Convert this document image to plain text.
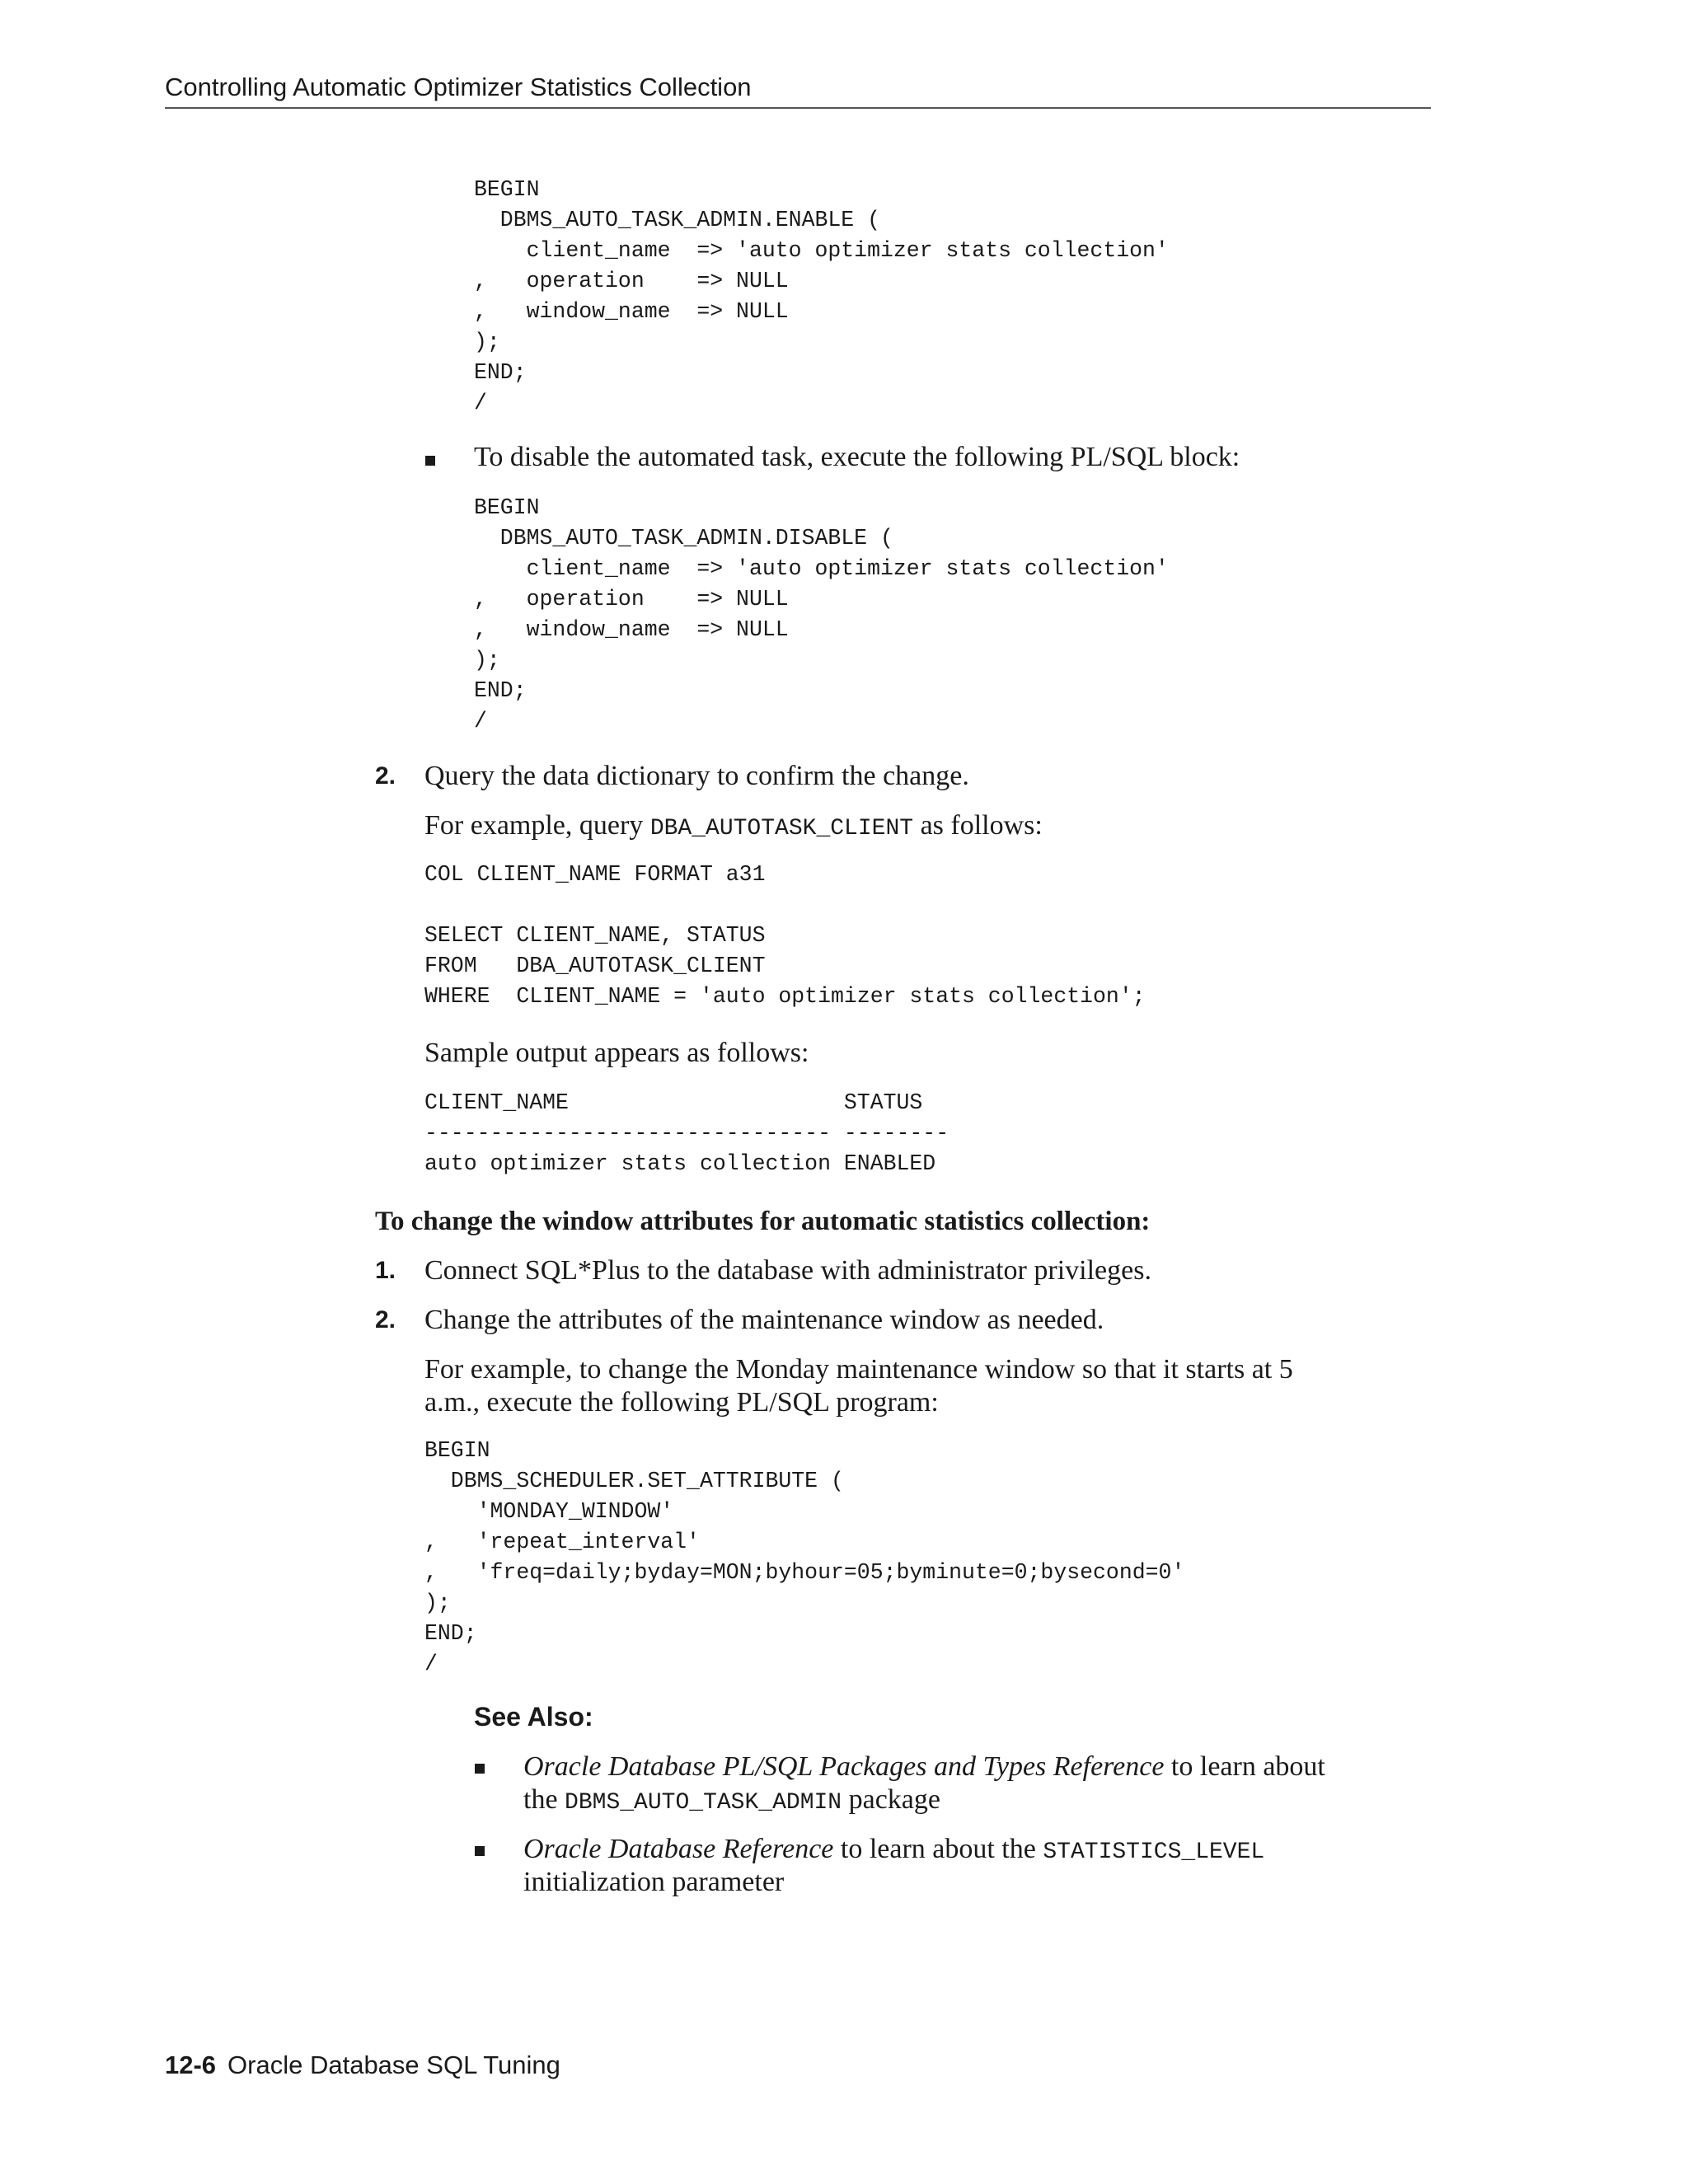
Controlling Automatic Optimizer Statistics Collection
BEGIN
DBMS_AUTO_TASK_ADMIN.ENABLE (
client_name  => 'auto optimizer stats collection'
,   operation    => NULL
,   window_name  => NULL
);
END;
/

To disable the automated task, execute the following PL/SQL block:

BEGIN
DBMS_AUTO_TASK_ADMIN.DISABLE (
client_name  => 'auto optimizer stats collection'
,   operation    => NULL
,   window_name  => NULL
);
END;
/
2. Query the data dictionary to confirm the change.

For example, query DBA_AUTOTASK_CLIENT as follows:

COL CLIENT_NAME FORMAT a31

SELECT CLIENT_NAME, STATUS
FROM   DBA_AUTOTASK_CLIENT
WHERE  CLIENT_NAME = 'auto optimizer stats collection';

Sample output appears as follows:

CLIENT_NAME                     STATUS
------------------------------- --------
auto optimizer stats collection ENABLED
To change the window attributes for automatic statistics collection:
1. Connect SQL*Plus to the database with administrator privileges.

2. Change the attributes of the maintenance window as needed.

For example, to change the Monday maintenance window so that it starts at 5

a.m., execute the following PL/SQL program:

BEGIN
DBMS_SCHEDULER.SET_ATTRIBUTE (
'MONDAY_WINDOW'
,   'repeat_interval'
,   'freq=daily;byday=MON;byhour=05;byminute=0;bysecond=0'
);
END;
/
See Also:

Oracle Database PL/SQL Packages and Types Reference to learn about

the DBMS_AUTO_TASK_ADMIN package

Oracle Database Reference to learn about the STATISTICS_LEVEL

initialization parameter

12-6 Oracle Database SQL Tuning
